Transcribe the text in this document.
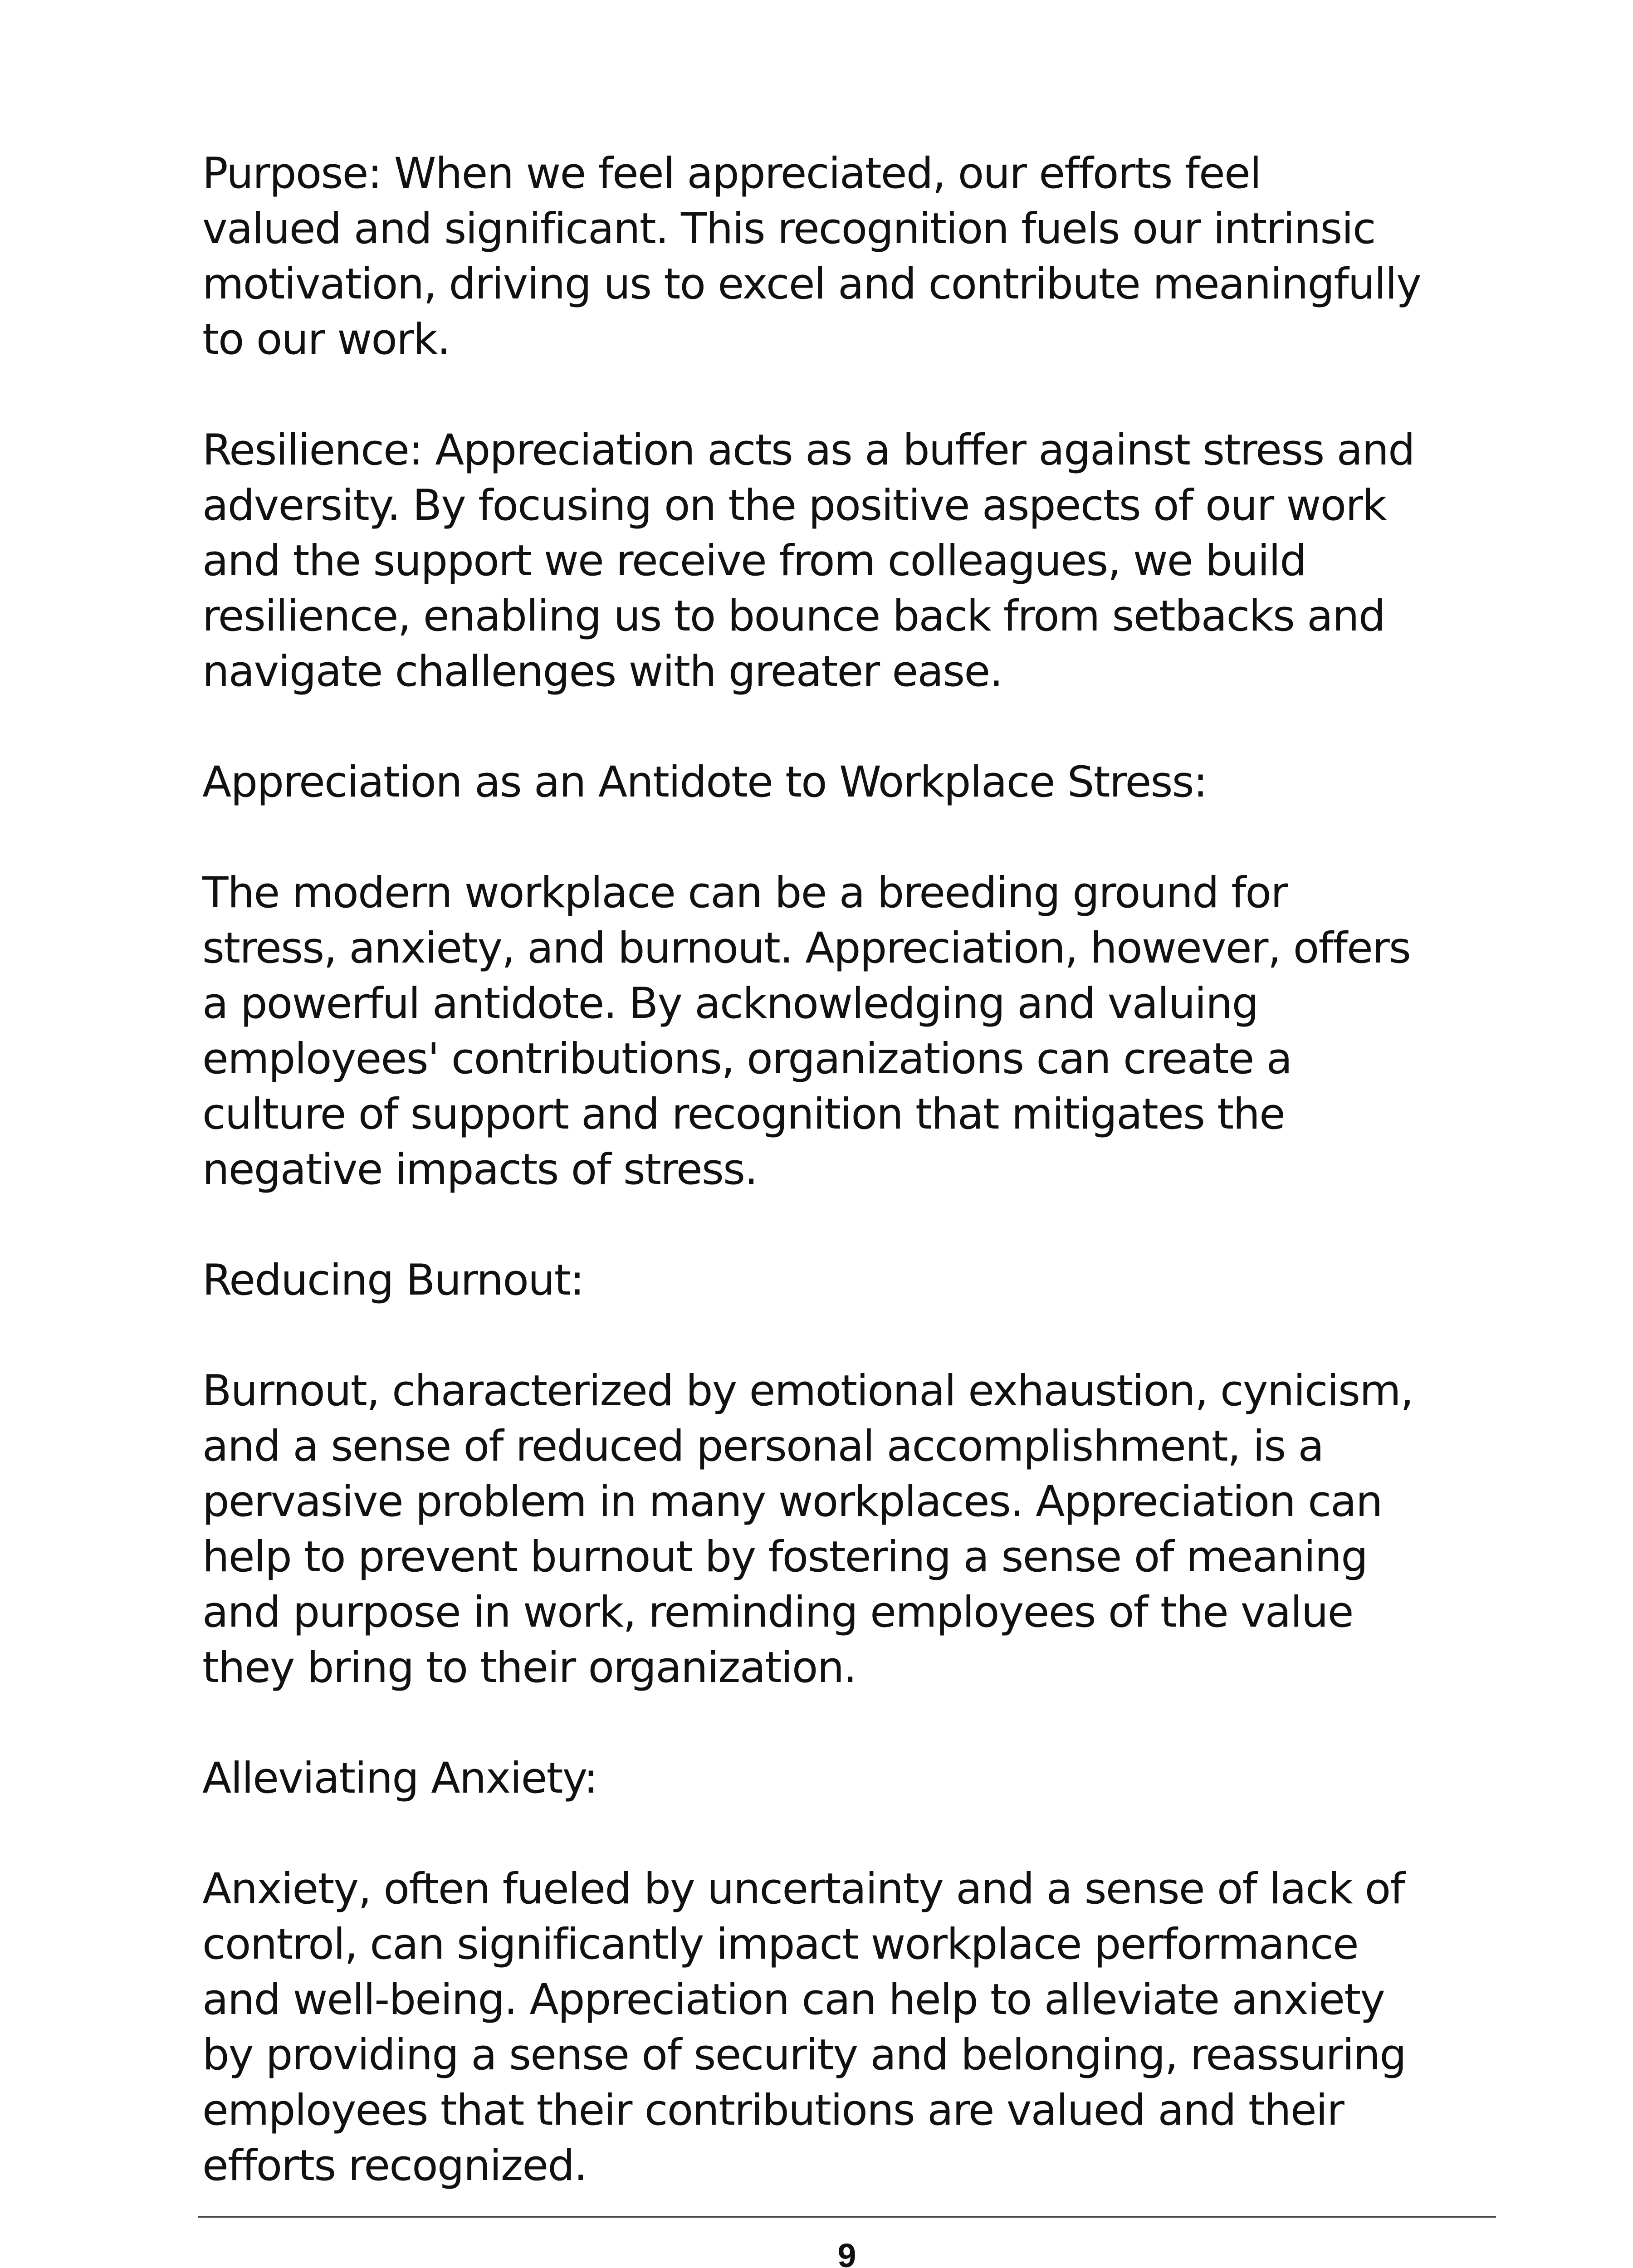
Purpose: When we feel appreciated, our efforts feel
valued and significant. This recognition fuels our intrinsic
motivation, driving us to excel and contribute meaningfully
to our work.

Resilience: Appreciation acts as a buffer against stress and
adversity. By focusing on the positive aspects of our work
and the support we receive from colleagues, we build
resilience, enabling us to bounce back from setbacks and
navigate challenges with greater ease.

Appreciation as an Antidote to Workplace Stress:

The modern workplace can be a breeding ground for
stress, anxiety, and burnout. Appreciation, however, offers
a powerful antidote. By acknowledging and valuing
employees' contributions, organizations can create a
culture of support and recognition that mitigates the
negative impacts of stress.

Reducing Burnout:

Burnout, characterized by emotional exhaustion, cynicism,
and a sense of reduced personal accomplishment, is a
pervasive problem in many workplaces. Appreciation can
help to prevent burnout by fostering a sense of meaning
and purpose in work, reminding employees of the value
they bring to their organization.

Alleviating Anxiety:

Anxiety, often fueled by uncertainty and a sense of lack of
control, can significantly impact workplace performance
and well-being. Appreciation can help to alleviate anxiety
by providing a sense of security and belonging, reassuring
employees that their contributions are valued and their
efforts recognized.

9
